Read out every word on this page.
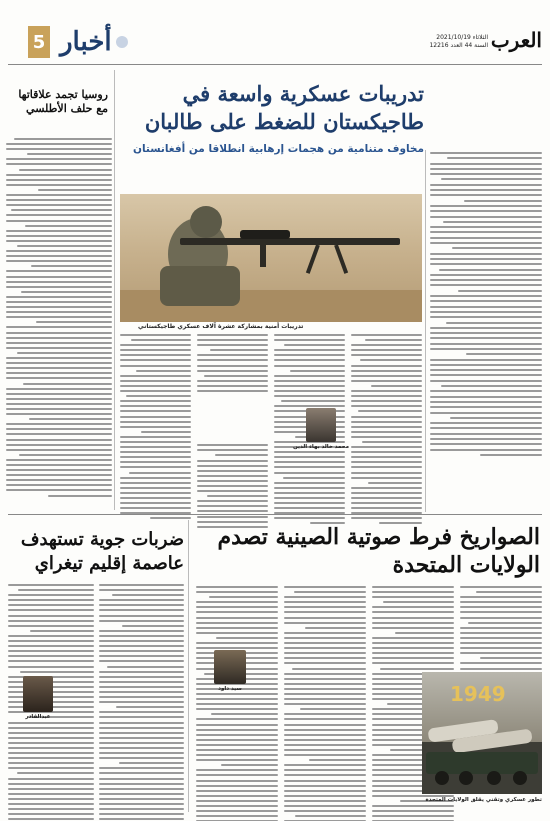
العرب
الثلاثاء 2021/10/19
السنة 44 العدد 12216
5 أخبار
روسيا تجمد علاقاتها مع حلف الأطلسي
تدريبات عسكرية واسعة في طاجيكستان للضغط على طالبان
مخاوف متنامية من هجمات إرهابية انطلاقا من أفغانستان
تدريبات أمنية بمشاركة عشرة آلاف عسكري طاجيكستاني
محمد خالد بهاء الدين
الصواريخ فرط صوتية الصينية تصدم الولايات المتحدة
ضربات جوية تستهدف عاصمة إقليم تيغراي
سيد داود	1949
تطور عسكري وتقني يقلق الولايات المتحدة
عبدالقادر
